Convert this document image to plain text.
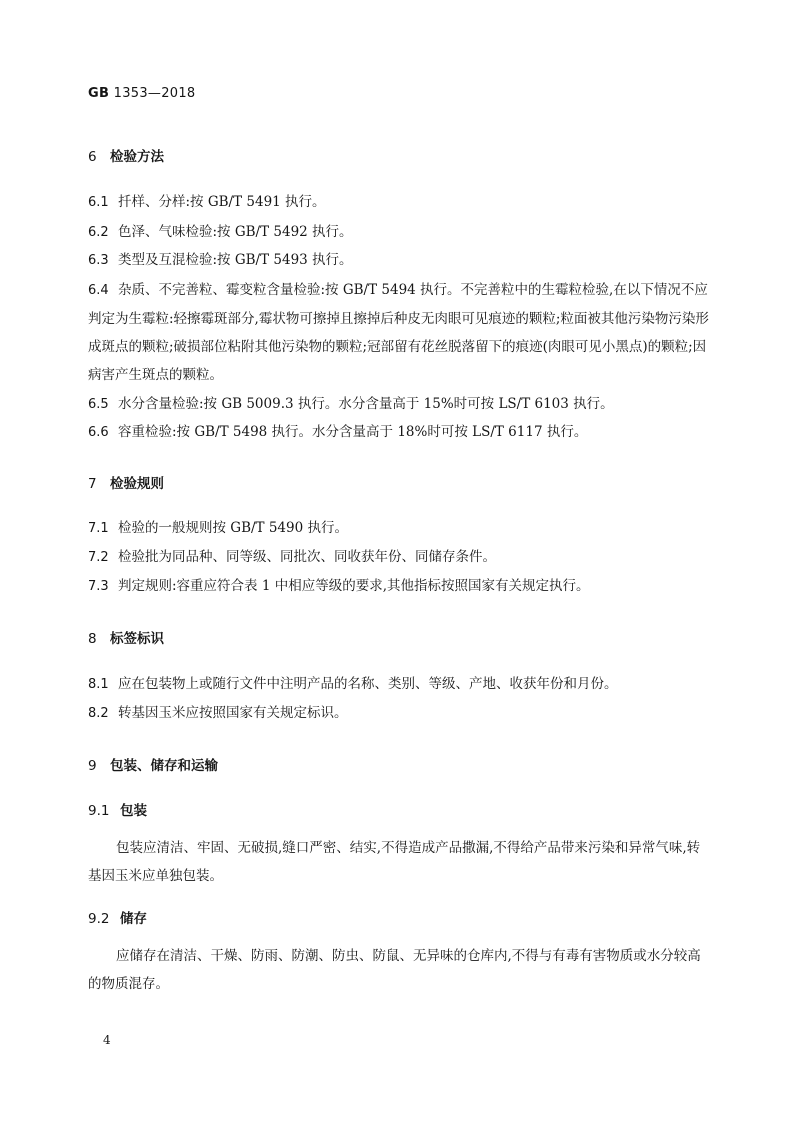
GB 1353—2018
6 检验方法
6.1 扦样、分样:按 GB/T 5491 执行。
6.2 色泽、气味检验:按 GB/T 5492 执行。
6.3 类型及互混检验:按 GB/T 5493 执行。
6.4 杂质、不完善粒、霉变粒含量检验:按 GB/T 5494 执行。不完善粒中的生霉粒检验,在以下情况不应判定为生霉粒:轻擦霉斑部分,霉状物可擦掉且擦掉后种皮无肉眼可见痕迹的颗粒;粒面被其他污染物污染形成斑点的颗粒;破损部位粘附其他污染物的颗粒;冠部留有花丝脱落留下的痕迹(肉眼可见小黑点)的颗粒;因病害产生斑点的颗粒。
6.5 水分含量检验:按 GB 5009.3 执行。水分含量高于 15%时可按 LS/T 6103 执行。
6.6 容重检验:按 GB/T 5498 执行。水分含量高于 18%时可按 LS/T 6117 执行。
7 检验规则
7.1 检验的一般规则按 GB/T 5490 执行。
7.2 检验批为同品种、同等级、同批次、同收获年份、同储存条件。
7.3 判定规则:容重应符合表 1 中相应等级的要求,其他指标按照国家有关规定执行。
8 标签标识
8.1 应在包装物上或随行文件中注明产品的名称、类别、等级、产地、收获年份和月份。
8.2 转基因玉米应按照国家有关规定标识。
9 包装、储存和运输
9.1 包装
包装应清洁、牢固、无破损,缝口严密、结实,不得造成产品撒漏,不得给产品带来污染和异常气味,转基因玉米应单独包装。
9.2 储存
应储存在清洁、干燥、防雨、防潮、防虫、防鼠、无异味的仓库内,不得与有毒有害物质或水分较高的物质混存。
4
